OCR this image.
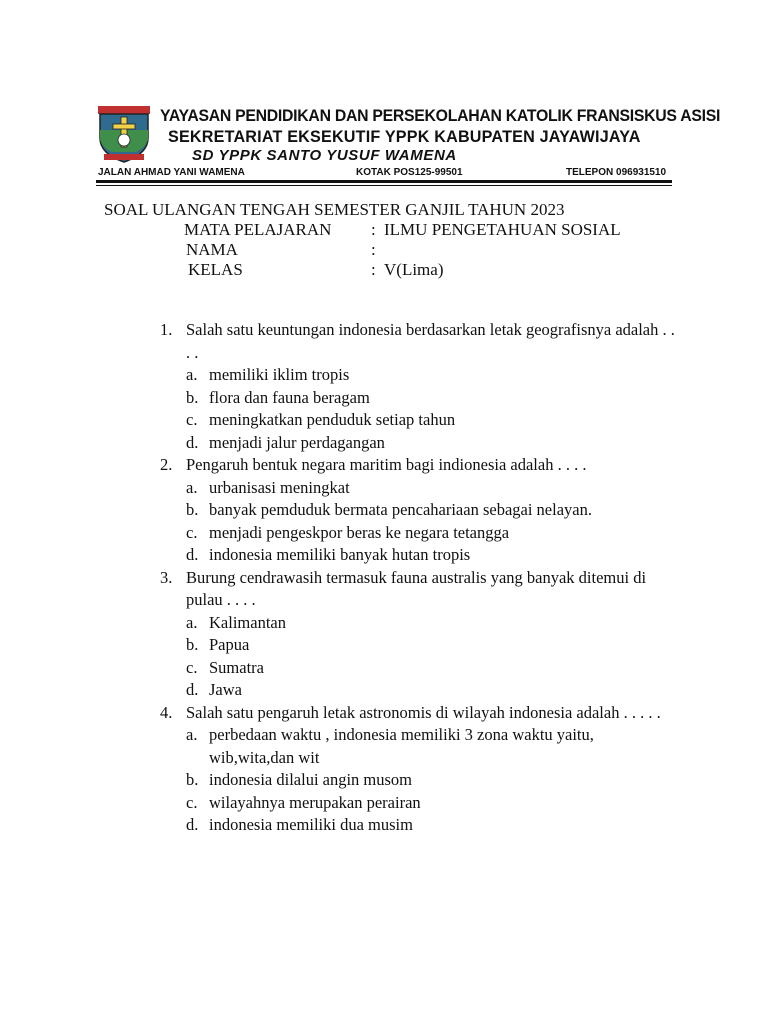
YAYASAN PENDIDIKAN DAN PERSEKOLAHAN KATOLIK FRANSISKUS ASISI
SEKRETARIAT EKSEKUTIF YPPK KABUPATEN JAYAWIJAYA
SD YPPK SANTO YUSUF WAMENA
JALAN AHMAD YANI WAMENA	KOTAK POS125-99501	TELEPON 096931510
SOAL ULANGAN TENGAH SEMESTER GANJIL TAHUN 2023
MATA PELAJARAN : ILMU PENGETAHUAN SOSIAL
NAMA	:
KELAS	: V(Lima)
1. Salah satu keuntungan indonesia berdasarkan letak geografisnya adalah . . . .
a. memiliki iklim tropis
b. flora dan fauna beragam
c. meningkatkan penduduk setiap tahun
d. menjadi jalur perdagangan
2. Pengaruh bentuk negara maritim bagi indionesia adalah . . . .
a. urbanisasi meningkat
b. banyak pemduduk bermata pencahariaan sebagai nelayan.
c. menjadi pengeskpor beras ke negara tetangga
d. indonesia memiliki banyak hutan tropis
3. Burung cendrawasih termasuk fauna australis yang banyak ditemui di pulau . . . .
a. Kalimantan
b. Papua
c. Sumatra
d. Jawa
4. Salah satu pengaruh letak astronomis di wilayah indonesia adalah . . . . .
a. perbedaan waktu , indonesia memiliki 3 zona waktu yaitu, wib,wita,dan wit
b. indonesia dilalui angin musom
c. wilayahnya merupakan perairan
d. indonesia memiliki dua musim
